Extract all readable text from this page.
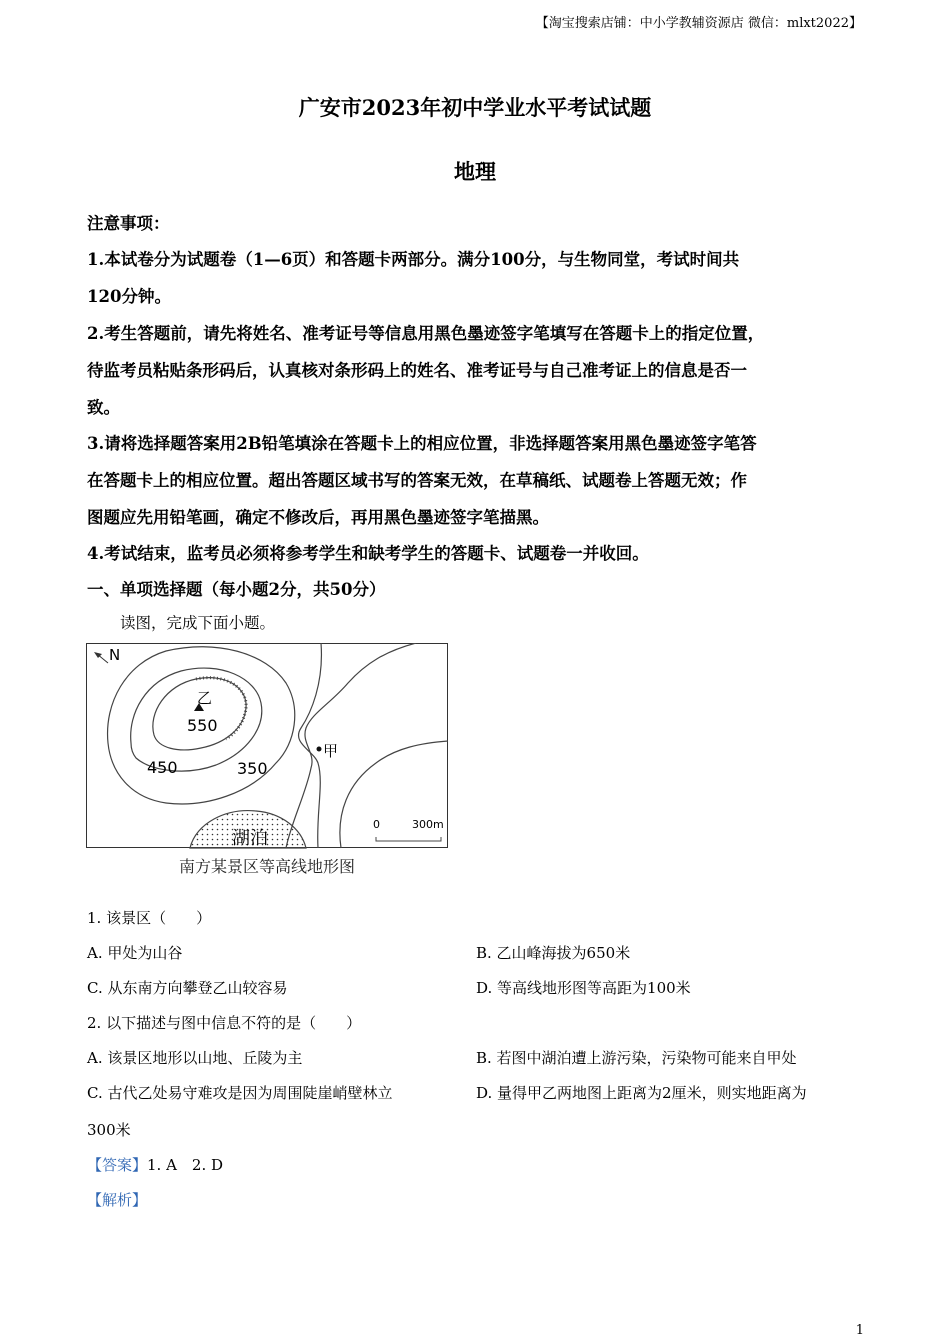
【淘宝搜索店铺：中小学教辅资源店 微信：mlxt2022】
广安市2023年初中学业水平考试试题
地理
注意事项：
1.本试卷分为试题卷（1—6页）和答题卡两部分。满分100分，与生物同堂，考试时间共
120分钟。
2.考生答题前，请先将姓名、准考证号等信息用黑色墨迹签字笔填写在答题卡上的指定位置，
待监考员粘贴条形码后，认真核对条形码上的姓名、准考证号与自己准考证上的信息是否一
致。
3.请将选择题答案用2B铅笔填涂在答题卡上的相应位置，非选择题答案用黑色墨迹签字笔答
在答题卡上的相应位置。超出答题区域书写的答案无效，在草稿纸、试题卷上答题无效；作
图题应先用铅笔画，确定不修改后，再用黑色墨迹签字笔描黑。
4.考试结束，监考员必须将参考学生和缺考学生的答题卡、试题卷一并收回。
一、单项选择题（每小题2分，共50分）
读图，完成下面小题。
N
乙
550
甲
450	350
湖泊
0	300m
南方某景区等高线地形图
1. 该景区（　　）
A. 甲处为山谷	B. 乙山峰海拔为650米
C. 从东南方向攀登乙山较容易	D. 等高线地形图等高距为100米
2. 以下描述与图中信息不符的是（　　）
A. 该景区地形以山地、丘陵为主	B. 若图中湖泊遭上游污染，污染物可能来自甲处
C. 古代乙处易守难攻是因为周围陡崖峭壁林立	D. 量得甲乙两地图上距离为2厘米，则实地距离为
300米
【答案】1. A　2. D
【解析】
1
